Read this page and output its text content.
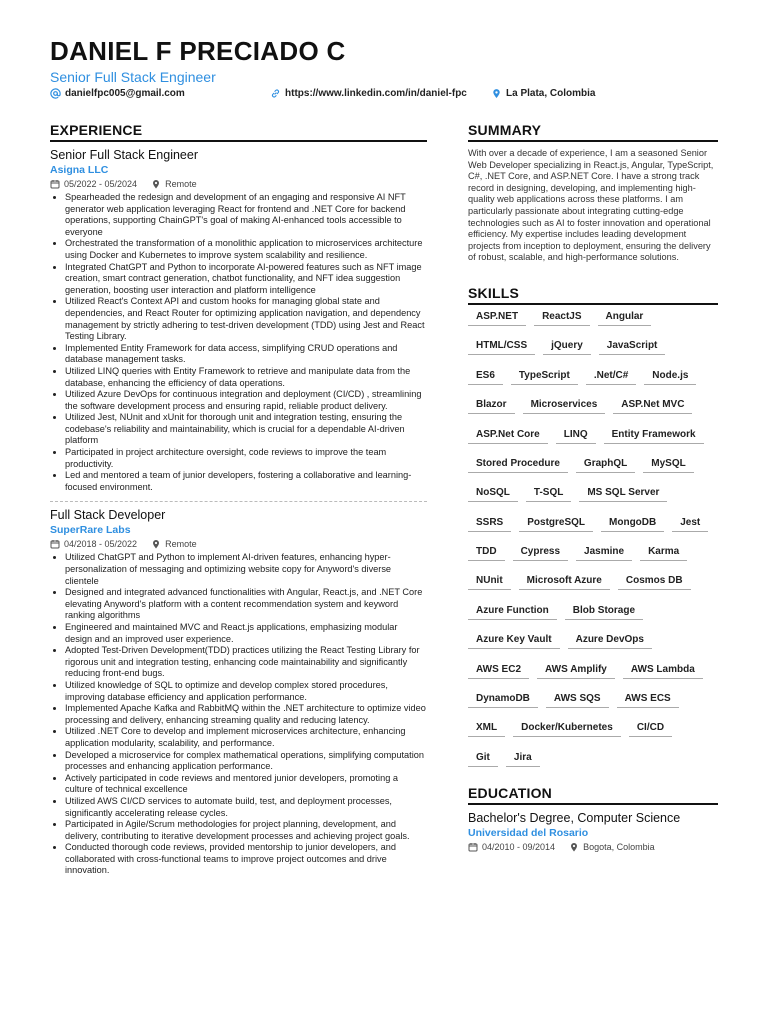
DANIEL F PRECIADO C
Senior Full Stack Engineer
danielfpc005@gmail.com	https://www.linkedin.com/in/daniel-fpc	La Plata, Colombia
EXPERIENCE
Senior Full Stack Engineer
Asigna LLC
05/2022 - 05/2024	Remote
• Spearheaded the redesign and development of an engaging and responsive AI NFT generator web application leveraging React for frontend and .NET Core for backend operations, supporting ChainGPT's goal of making AI-enhanced tools accessible to everyone
• Orchestrated the transformation of a monolithic application to microservices architecture using Docker and Kubernetes to improve system scalability and resilience.
• Integrated ChatGPT and Python to incorporate AI-powered features such as NFT image creation, smart contract generation, chatbot functionality, and NFT idea suggestion generation, boosting user interaction and platform intelligence
• Utilized React's Context API and custom hooks for managing global state and dependencies, and React Router for optimizing application navigation, and dependency management by strictly adhering to test-driven development (TDD) using Jest and React Testing Library.
• Implemented Entity Framework for data access, simplifying CRUD operations and database management tasks.
• Utilized LINQ queries with Entity Framework to retrieve and manipulate data from the database, enhancing the efficiency of data operations.
• Utilized Azure DevOps for continuous integration and deployment (CI/CD) , streamlining the software development process and ensuring rapid, reliable product delivery.
• Utilized Jest, NUnit and xUnit for thorough unit and integration testing, ensuring the codebase's reliability and maintainability, which is crucial for a dependable AI-driven platform
• Participated in project architecture oversight, code reviews to improve the team productivity.
• Led and mentored a team of junior developers, fostering a collaborative and learning-focused environment.
Full Stack Developer
SuperRare Labs
04/2018 - 05/2022	Remote
• Utilized ChatGPT and Python to implement AI-driven features, enhancing hyper-personalization of messaging and optimizing website copy for Anyword's diverse clientele
• Designed and integrated advanced functionalities with Angular, React.js, and .NET Core elevating Anyword's platform with a content recommendation system and keyword ranking algorithms
• Engineered and maintained MVC and React.js applications, emphasizing modular design and an improved user experience.
• Adopted Test-Driven Development(TDD) practices utilizing the React Testing Library for rigorous unit and integration testing, enhancing code maintainability and significantly reducing front-end bugs.
• Utilized knowledge of SQL to optimize and develop complex stored procedures, improving database efficiency and application performance.
• Implemented Apache Kafka and RabbitMQ within the .NET architecture to optimize video processing and delivery, enhancing streaming quality and reducing latency.
• Utilized .NET Core to develop and implement microservices architecture, enhancing application modularity, scalability, and performance.
• Developed a microservice for complex mathematical operations, simplifying computation processes and enhancing application performance.
• Actively participated in code reviews and mentored junior developers, promoting a culture of technical excellence
• Utilized AWS CI/CD services to automate build, test, and deployment processes, significantly accelerating release cycles.
• Participated in Agile/Scrum methodologies for project planning, development, and delivery, contributing to iterative development processes and achieving project goals.
• Conducted thorough code reviews, provided mentorship to junior developers, and collaborated with cross-functional teams to improve project outcomes and drive innovation.
SUMMARY
With over a decade of experience, I am a seasoned Senior Web Developer specializing in React.js, Angular, TypeScript, C#, .NET Core, and ASP.NET Core. I have a strong track record in designing, developing, and implementing high-quality web applications across these platforms. I am particularly passionate about integrating cutting-edge technologies such as AI to foster innovation and operational efficiency. My expertise includes leading development projects from inception to deployment, ensuring the delivery of robust, scalable, and high-performance solutions.
SKILLS
ASP.NET	ReactJS	Angular
HTML/CSS	jQuery	JavaScript
ES6	TypeScript	.Net/C#	Node.js
Blazor	Microservices	ASP.Net MVC
ASP.Net Core	LINQ	Entity Framework
Stored Procedure	GraphQL	MySQL
NoSQL	T-SQL	MS SQL Server
SSRS	PostgreSQL	MongoDB	Jest
TDD	Cypress	Jasmine	Karma
NUnit	Microsoft Azure	Cosmos DB
Azure Function	Blob Storage
Azure Key Vault	Azure DevOps
AWS EC2	AWS Amplify	AWS Lambda
DynamoDB	AWS SQS	AWS ECS
XML	Docker/Kubernetes	CI/CD
Git	Jira
EDUCATION
Bachelor's Degree, Computer Science
Universidad del Rosario
04/2010 - 09/2014	Bogota, Colombia
